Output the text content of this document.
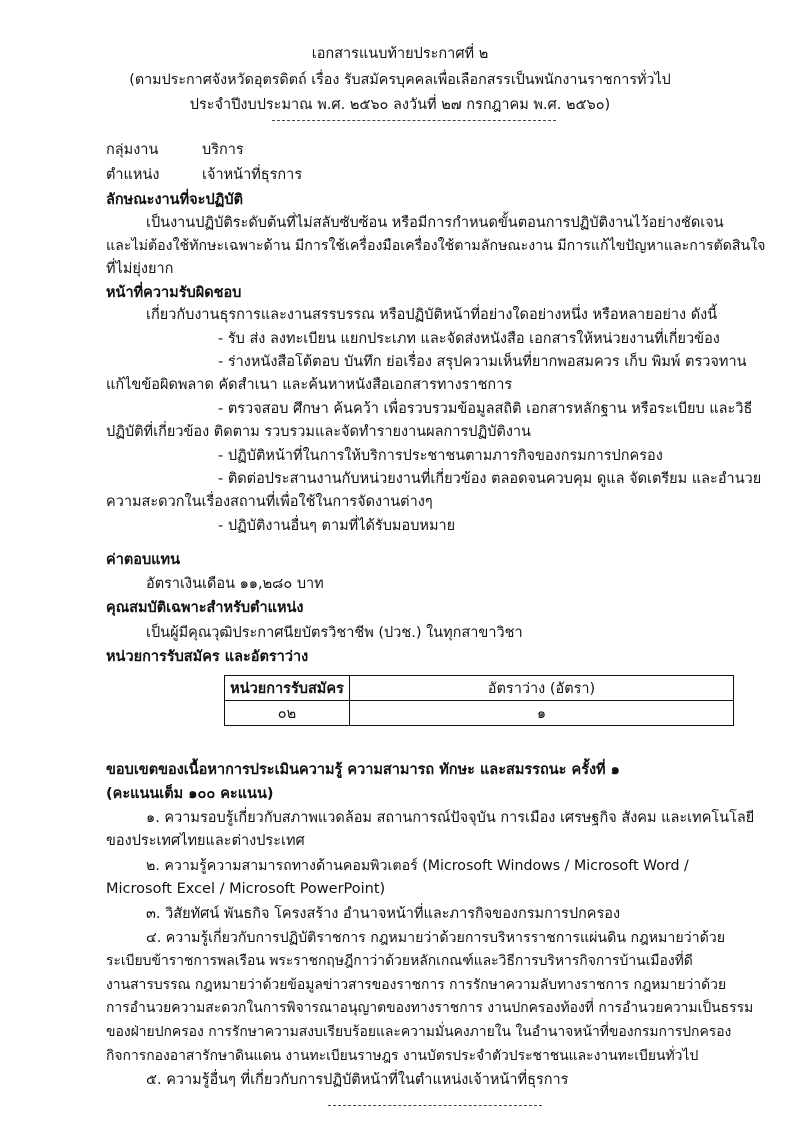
เอกสารแนบท้ายประกาศที่ ๒
(ตามประกาศจังหวัดอุตรดิตถ์ เรื่อง รับสมัครบุคคลเพื่อเลือกสรรเป็นพนักงานราชการทั่วไป
ประจำปีงบประมาณ พ.ศ. ๒๕๖๐ ลงวันที่ ๒๗ กรกฎาคม พ.ศ. ๒๕๖๐)
กลุ่มงาน	บริการ
ตำแหน่ง	เจ้าหน้าที่ธุรการ
ลักษณะงานที่จะปฏิบัติ
เป็นงานปฏิบัติระดับต้นที่ไม่สลับซับซ้อน หรือมีการกำหนดขั้นตอนการปฏิบัติงานไว้อย่างชัดเจน
และไม่ต้องใช้ทักษะเฉพาะด้าน มีการใช้เครื่องมือเครื่องใช้ตามลักษณะงาน มีการแก้ไขปัญหาและการตัดสินใจ
ที่ไม่ยุ่งยาก
หน้าที่ความรับผิดชอบ
เกี่ยวกับงานธุรการและงานสรรบรรณ หรือปฏิบัติหน้าที่อย่างใดอย่างหนึ่ง หรือหลายอย่าง ดังนี้
- รับ ส่ง ลงทะเบียน แยกประเภท และจัดส่งหนังสือ เอกสารให้หน่วยงานที่เกี่ยวข้อง
- ร่างหนังสือโต้ตอบ บันทึก ย่อเรื่อง สรุปความเห็นที่ยากพอสมควร เก็บ พิมพ์ ตรวจทาน
แก้ไขข้อผิดพลาด คัดสำเนา และค้นหาหนังสือเอกสารทางราชการ
- ตรวจสอบ ศึกษา ค้นคว้า เพื่อรวบรวมข้อมูลสถิติ เอกสารหลักฐาน หรือระเบียบ และวิธี
ปฏิบัติที่เกี่ยวข้อง ติดตาม รวบรวมและจัดทำรายงานผลการปฏิบัติงาน
- ปฏิบัติหน้าที่ในการให้บริการประชาชนตามภารกิจของกรมการปกครอง
- ติดต่อประสานงานกับหน่วยงานที่เกี่ยวข้อง ตลอดจนควบคุม ดูแล จัดเตรียม และอำนวย
ความสะดวกในเรื่องสถานที่เพื่อใช้ในการจัดงานต่างๆ
- ปฏิบัติงานอื่นๆ ตามที่ได้รับมอบหมาย
ค่าตอบแทน
อัตราเงินเดือน ๑๑,๒๘๐ บาท
คุณสมบัติเฉพาะสำหรับตำแหน่ง
เป็นผู้มีคุณวุฒิประกาศนียบัตรวิชาชีพ (ปวช.) ในทุกสาขาวิชา
หน่วยการรับสมัคร และอัตราว่าง
หน่วยการรับสมัคร	อัตราว่าง (อัตรา)
๐๒	๑
ขอบเขตของเนื้อหาการประเมินความรู้ ความสามารถ ทักษะ และสมรรถนะ ครั้งที่ ๑
(คะแนนเต็ม ๑๐๐ คะแนน)
๑. ความรอบรู้เกี่ยวกับสภาพแวดล้อม สถานการณ์ปัจจุบัน การเมือง เศรษฐกิจ สังคม และเทคโนโลยี
ของประเทศไทยและต่างประเทศ
๒. ความรู้ความสามารถทางด้านคอมพิวเตอร์ (Microsoft Windows / Microsoft Word /
Microsoft Excel / Microsoft PowerPoint)
๓. วิสัยทัศน์ พันธกิจ โครงสร้าง อำนาจหน้าที่และภารกิจของกรมการปกครอง
๔. ความรู้เกี่ยวกับการปฏิบัติราชการ กฎหมายว่าด้วยการบริหารราชการแผ่นดิน กฎหมายว่าด้วย
ระเบียบข้าราชการพลเรือน พระราชกฤษฎีกาว่าด้วยหลักเกณฑ์และวิธีการบริหารกิจการบ้านเมืองที่ดี
งานสารบรรณ กฎหมายว่าด้วยข้อมูลข่าวสารของราชการ การรักษาความลับทางราชการ กฎหมายว่าด้วย
การอำนวยความสะดวกในการพิจารณาอนุญาตของทางราชการ งานปกครองท้องที่ การอำนวยความเป็นธรรม
ของฝ่ายปกครอง การรักษาความสงบเรียบร้อยและความมั่นคงภายใน ในอำนาจหน้าที่ของกรมการปกครอง
กิจการกองอาสารักษาดินแดน งานทะเบียนราษฎร งานบัตรประจำตัวประชาชนและงานทะเบียนทั่วไป
๕. ความรู้อื่นๆ ที่เกี่ยวกับการปฏิบัติหน้าที่ในตำแหน่งเจ้าหน้าที่ธุรการ
